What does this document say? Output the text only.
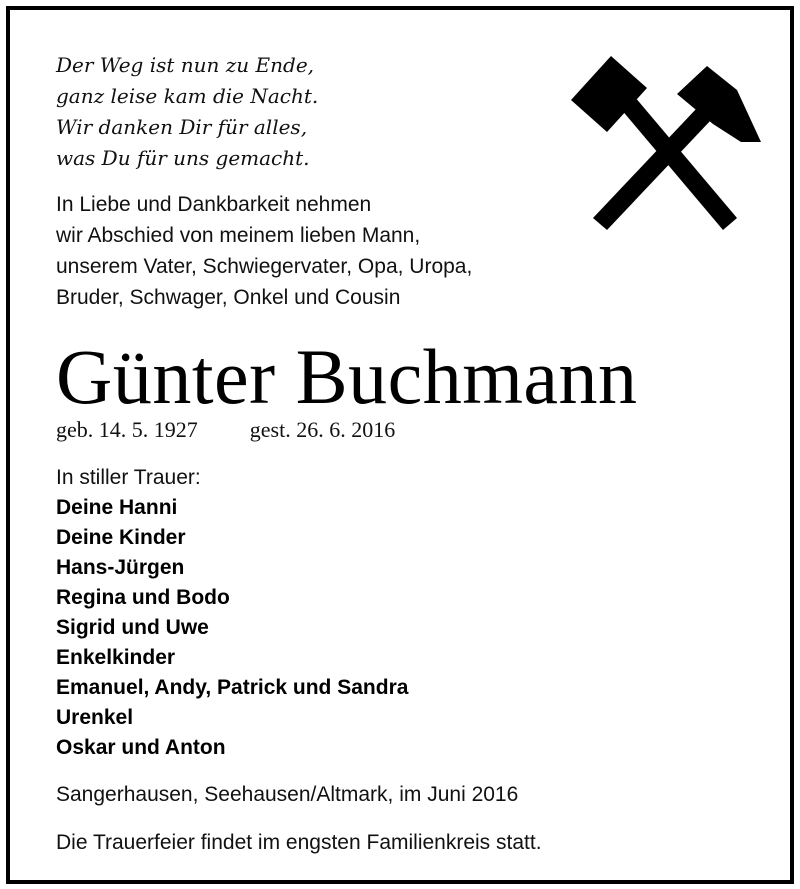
Der Weg ist nun zu Ende,
ganz leise kam die Nacht.
Wir danken Dir für alles,
was Du für uns gemacht.
In Liebe und Dankbarkeit nehmen
wir Abschied von meinem lieben Mann,
unserem Vater, Schwiegervater, Opa, Uropa,
Bruder, Schwager, Onkel und Cousin
Günter Buchmann
geb. 14. 5. 1927 gest. 26. 6. 2016
In stiller Trauer:
Deine Hanni
Deine Kinder
Hans-Jürgen
Regina und Bodo
Sigrid und Uwe
Enkelkinder
Emanuel, Andy, Patrick und Sandra
Urenkel
Oskar und Anton
Sangerhausen, Seehausen/Altmark, im Juni 2016
Die Trauerfeier findet im engsten Familienkreis statt.
